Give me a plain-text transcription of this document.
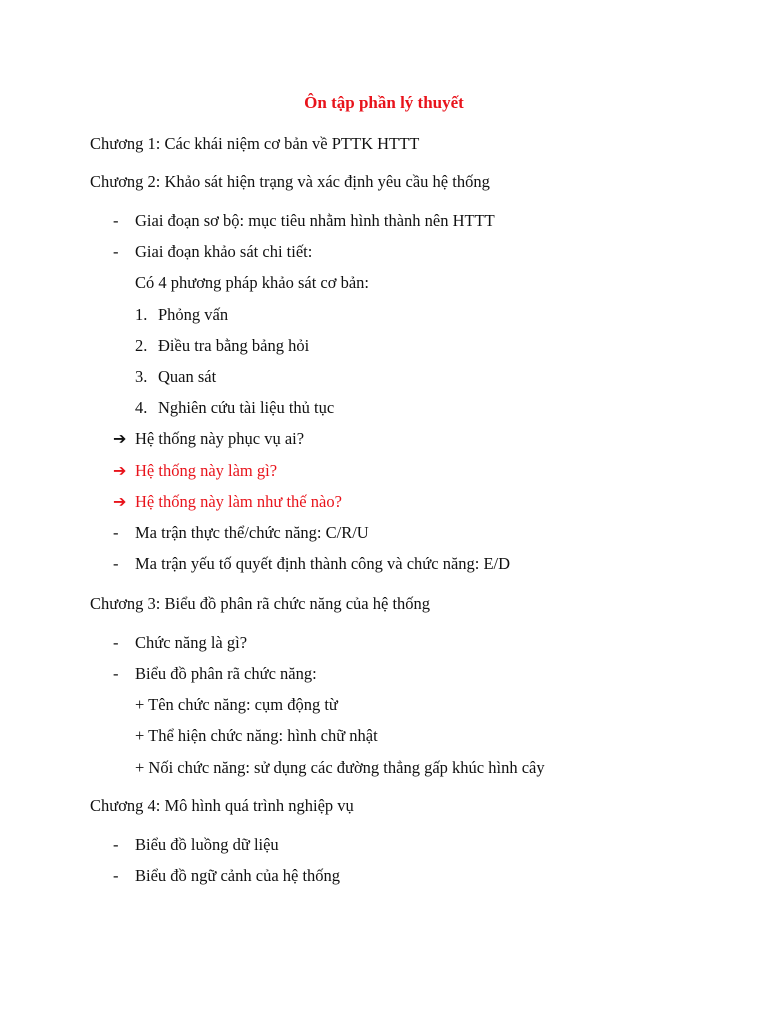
Ôn tập phần lý thuyết
Chương 1: Các khái niệm cơ bản về PTTK HTTT
Chương 2: Khảo sát hiện trạng và xác định yêu cầu hệ thống
- Giai đoạn sơ bộ: mục tiêu nhằm hình thành nên HTTT
- Giai đoạn khảo sát chi tiết:
Có 4 phương pháp khảo sát cơ bản:
1. Phỏng vấn
2. Điều tra bằng bảng hỏi
3. Quan sát
4. Nghiên cứu tài liệu thủ tục
➔ Hệ thống này phục vụ ai?
➔ Hệ thống này làm gì?
➔ Hệ thống này làm như thế nào?
- Ma trận thực thể/chức năng: C/R/U
- Ma trận yếu tố quyết định thành công và chức năng: E/D
Chương 3: Biểu đồ phân rã chức năng của hệ thống
- Chức năng là gì?
- Biểu đồ phân rã chức năng:
+ Tên chức năng: cụm động từ
+ Thể hiện chức năng: hình chữ nhật
+ Nối chức năng: sử dụng các đường thẳng gấp khúc hình cây
Chương 4: Mô hình quá trình nghiệp vụ
- Biểu đồ luồng dữ liệu
- Biểu đồ ngữ cảnh của hệ thống
